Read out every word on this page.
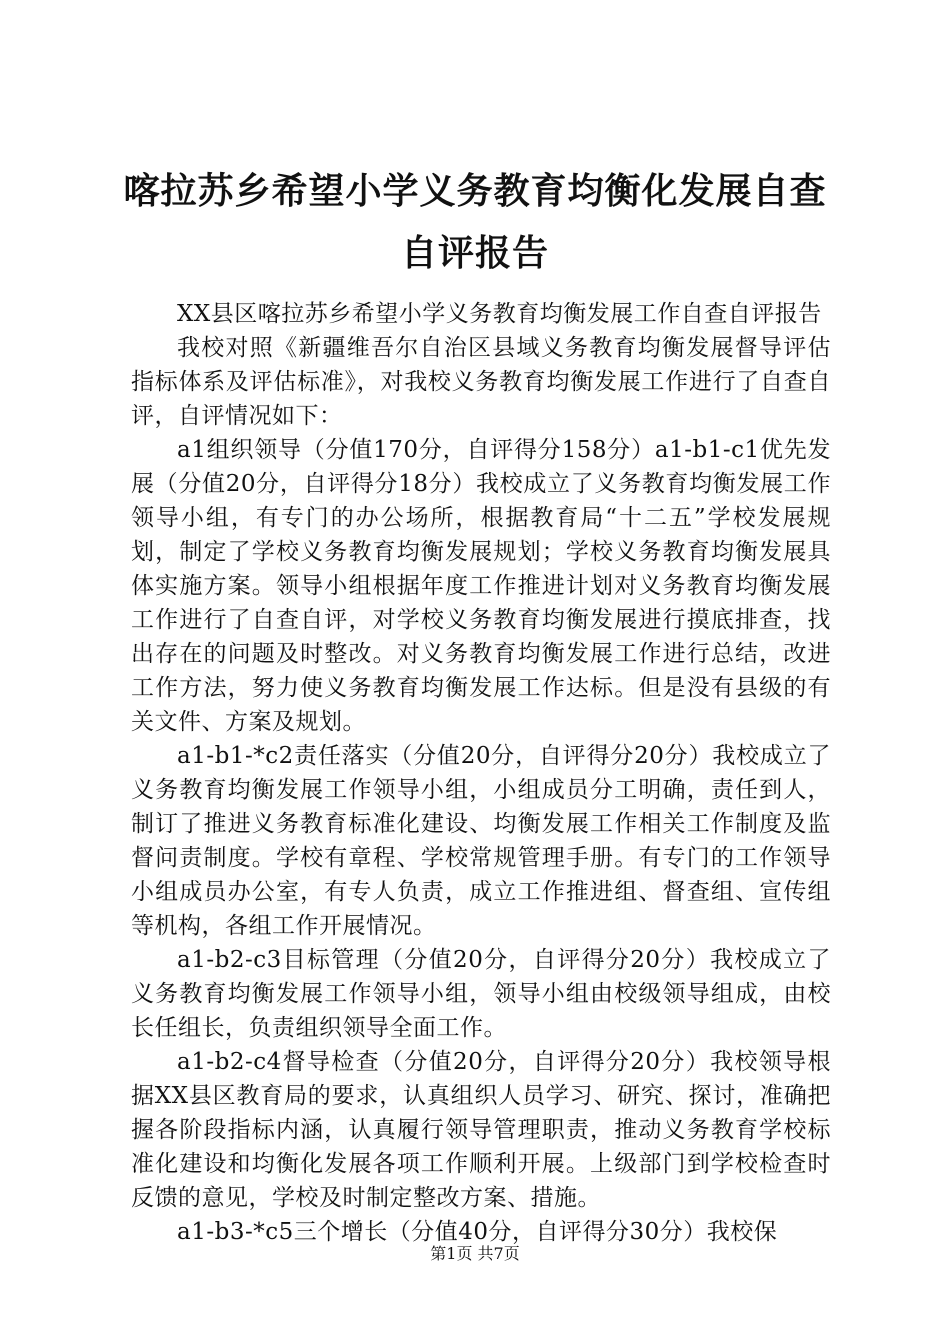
喀拉苏乡希望小学义务教育均衡化发展自查自评报告

XX县区喀拉苏乡希望小学义务教育均衡发展工作自查自评报告

我校对照《新疆维吾尔自治区县域义务教育均衡发展督导评估指标体系及评估标准》，对我校义务教育均衡发展工作进行了自查自评，自评情况如下：

a1组织领导（分值170分，自评得分158分）a1-b1-c1优先发展（分值20分，自评得分18分）我校成立了义务教育均衡发展工作领导小组，有专门的办公场所，根据教育局“十二五”学校发展规划，制定了学校义务教育均衡发展规划；学校义务教育均衡发展具体实施方案。领导小组根据年度工作推进计划对义务教育均衡发展工作进行了自查自评，对学校义务教育均衡发展进行摸底排查，找出存在的问题及时整改。对义务教育均衡发展工作进行总结，改进工作方法，努力使义务教育均衡发展工作达标。但是没有县级的有关文件、方案及规划。

a1-b1-*c2责任落实（分值20分，自评得分20分）我校成立了义务教育均衡发展工作领导小组，小组成员分工明确，责任到人，制订了推进义务教育标准化建设、均衡发展工作相关工作制度及监督问责制度。学校有章程、学校常规管理手册。有专门的工作领导小组成员办公室，有专人负责，成立工作推进组、督查组、宣传组等机构，各组工作开展情况。

a1-b2-c3目标管理（分值20分，自评得分20分）我校成立了义务教育均衡发展工作领导小组，领导小组由校级领导组成，由校长任组长，负责组织领导全面工作。

a1-b2-c4督导检查（分值20分，自评得分20分）我校领导根据XX县区教育局的要求，认真组织人员学习、研究、探讨，准确把握各阶段指标内涵，认真履行领导管理职责，推动义务教育学校标准化建设和均衡化发展各项工作顺利开展。上级部门到学校检查时反馈的意见，学校及时制定整改方案、措施。

a1-b3-*c5三个增长（分值40分，自评得分30分）我校保

第1页 共7页
